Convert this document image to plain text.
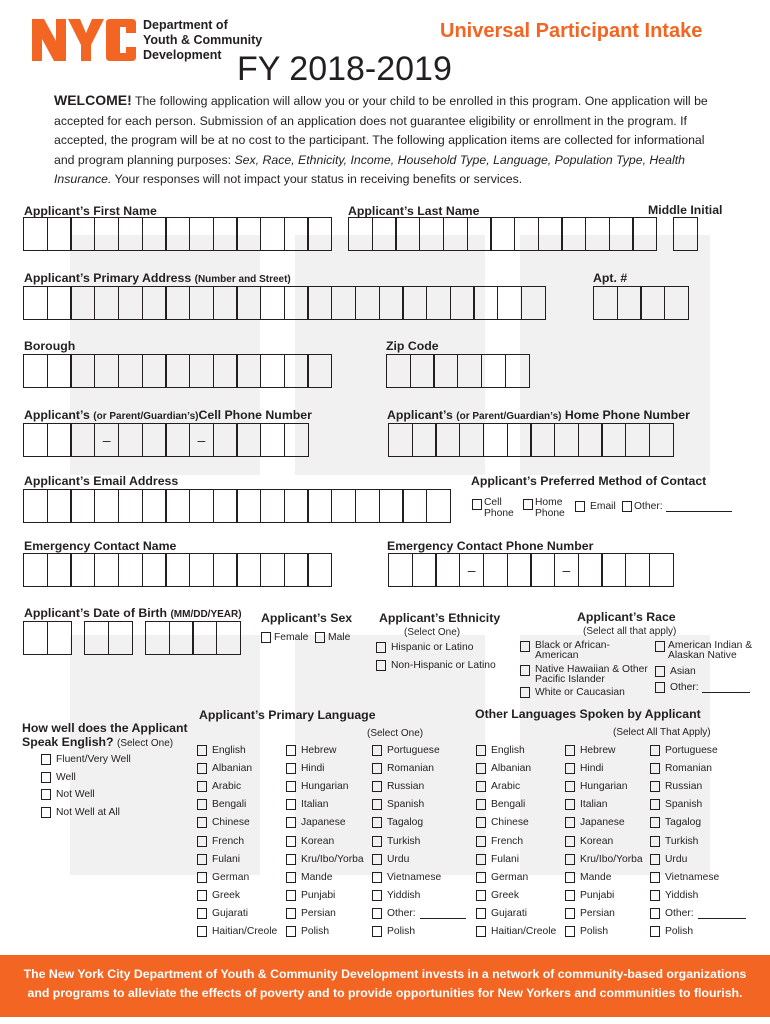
Department of
Youth & Community
Development
Universal Participant Intake
FY 2018-2019
WELCOME! The following application will allow you or your child to be enrolled in this program. One application will be accepted for each person. Submission of an application does not guarantee eligibility or enrollment in the program. If accepted, the program will be at no cost to the participant. The following application items are collected for informational and program planning purposes: Sex, Race, Ethnicity, Income, Household Type, Language, Population Type, Health Insurance. Your responses will not impact your status in receiving benefits or services.
Applicant’s First Name	Applicant’s Last Name	Middle Initial
Applicant’s Primary Address (Number and Street)	Apt. #
Borough	Zip Code
Applicant’s (or Parent/Guardian’s)Cell Phone Number
–	–
Applicant’s (or Parent/Guardian’s) Home Phone Number
Applicant’s Email Address	Applicant’s Preferred Method of Contact
Cell
Phone
Home
Phone
Email	Other:
Emergency Contact Name	Emergency Contact Phone Number
–	–
Applicant’s Date of Birth (MM/DD/YEAR) Applicant’s Sex
Female	Male
Applicant’s Ethnicity
(Select One)
Hispanic or Latino
Non-Hispanic or Latino
Applicant’s Race
(Select all that apply)
Black or African-
American
American Indian &
Alaskan Native
Native Hawaiian & Other
Pacific Islander
Asian
White or Caucasian	Other:
How well does the Applicant
Speak English? (Select One)
Fluent/Very Well
Well
Not Well
Not Well at All
Applicant’s Primary Language
(Select One)
Other Languages Spoken by Applicant
(Select All That Apply)
English
Albanian
Arabic
Bengali
Chinese
French
Fulani
German
Greek
Gujarati
Haitian/Creole
Hebrew
Hindi
Hungarian
Italian
Japanese
Korean
Kru/Ibo/Yorba
Mande
Punjabi
Persian
Polish
Portuguese
Romanian
Russian
Spanish
Tagalog
Turkish
Urdu
Vietnamese
Yiddish
Other:
Polish
English
Albanian
Arabic
Bengali
Chinese
French
Fulani
German
Greek
Gujarati
Haitian/Creole
Hebrew
Hindi
Hungarian
Italian
Japanese
Korean
Kru/Ibo/Yorba
Mande
Punjabi
Persian
Polish
Portuguese
Romanian
Russian
Spanish
Tagalog
Turkish
Urdu
Vietnamese
Yiddish
Other:
Polish
The New York City Department of Youth & Community Development invests in a network of community-based organizations
and programs to alleviate the effects of poverty and to provide opportunities for New Yorkers and communities to flourish.
